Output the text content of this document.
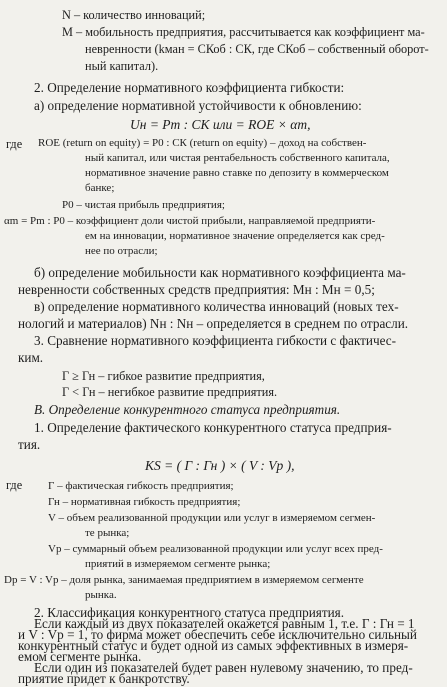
N – количество инноваций;
M – мобильность предприятия, рассчитывается как коэффициент ма-
невренности (kман = СКоб : СК, где СКоб – собственный оборот-
ный капитал).
2. Определение нормативного коэффициента гибкости:
а) определение нормативной устойчивости к обновлению:
Uн = Pm : СК или = ROE × αm,
где ROE (return on equity) = Р0 : СК (return on equity) – доход на собствен-
ный капитал, или чистая рентабельность собственного капитала,
нормативное значение равно ставке по депозиту в коммерческом
банке;
Р0 – чистая прибыль предприятия;
αm = Рm : Р0 – коэффициент доли чистой прибыли, направляемой предприяти-
ем на инновации, нормативное значение определяется как сред-
нее по отрасли;
б) определение мобильности как нормативного коэффициента ма-
невренности собственных средств предприятия: Мн : Мн = 0,5;
в) определение нормативного количества инноваций (новых тех-
нологий и материалов) Nн : Nн – определяется в среднем по отрасли.
3. Сравнение нормативного коэффициента гибкости с фактичес-
ким.
Г ≥ Гн – гибкое развитие предприятия,
Г < Гн – негибкое развитие предприятия.
В. Определение конкурентного статуса предприятия.
1. Определение фактического конкурентного статуса предприя-
тия.
KS = ( Г : Гн ) × ( V : Vp ),
где Г – фактическая гибкость предприятия;
Гн – нормативная гибкость предприятия;
V – объем реализованной продукции или услуг в измеряемом сегмен-
те рынка;
Vp – суммарный объем реализованной продукции или услуг всех пред-
приятий в измеряемом сегменте рынка;
Dp = V : Vp – доля рынка, занимаемая предприятием в измеряемом сегменте
рынка.
2. Классификация конкурентного статуса предприятия.
Если каждый из двух показателей окажется равным 1, т.е. Г : Гн = 1
и V : Vp = 1, то фирма может обеспечить себе исключительно сильный
конкурентный статус и будет одной из самых эффективных в измеря-
емом сегменте рынка.
Если один из показателей будет равен нулевому значению, то пред-
приятие придет к банкротству.
